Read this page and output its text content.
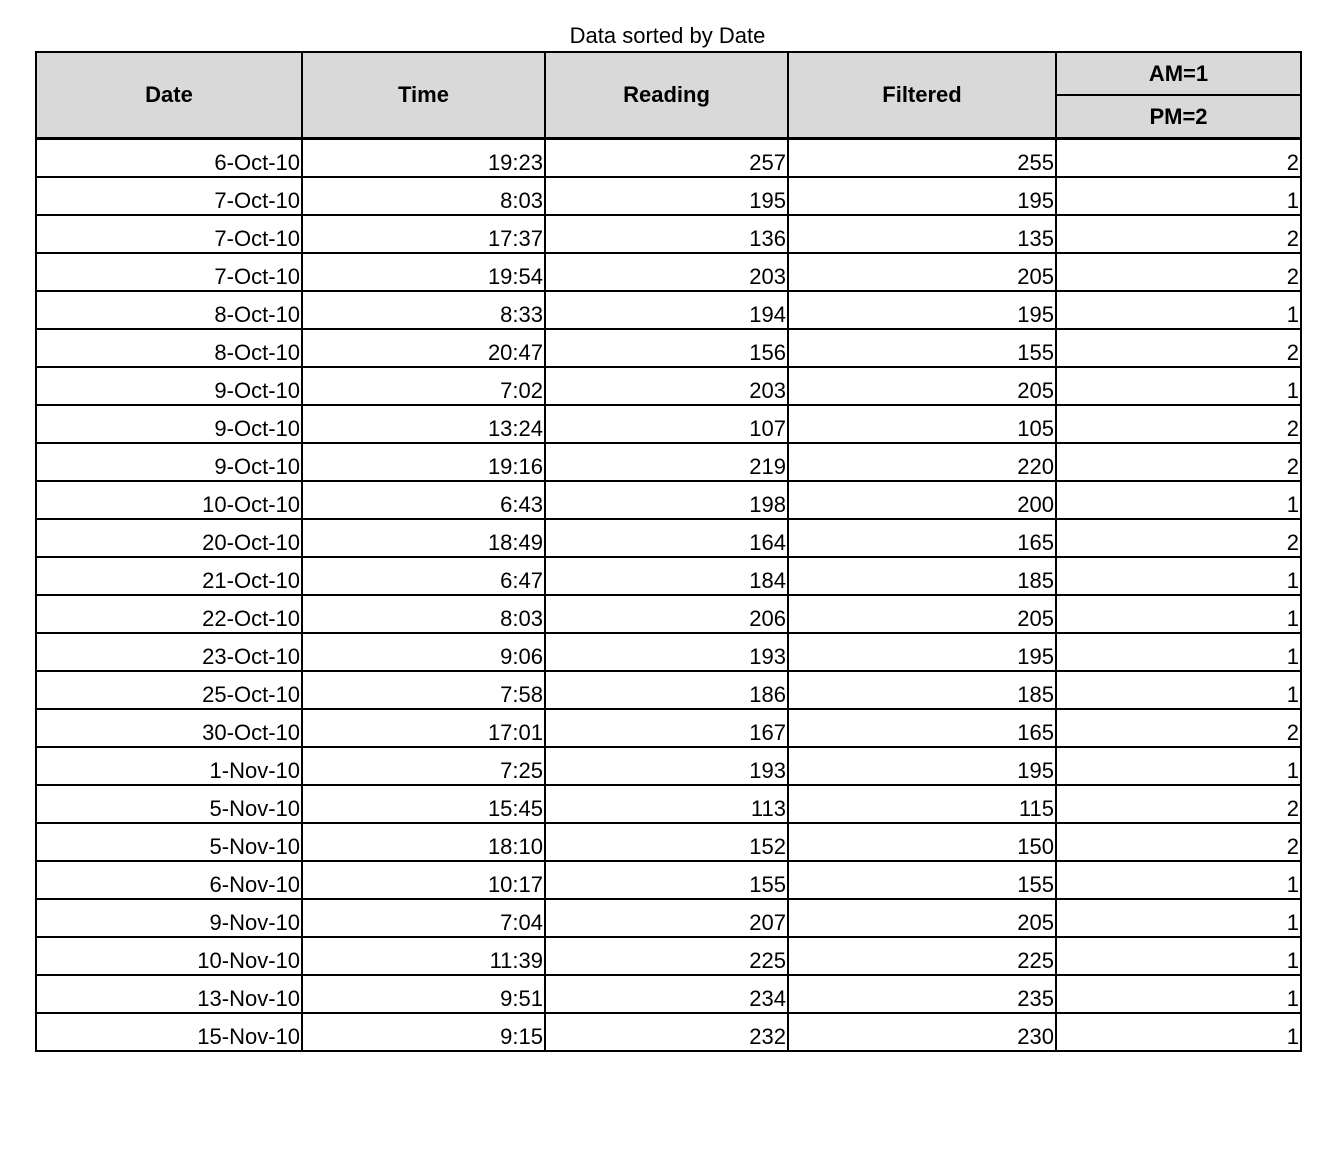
Data sorted by Date
Date	Time	Reading	Filtered	AM=1
				PM=2
6-Oct-10	19:23	257	255	2
7-Oct-10	8:03	195	195	1
7-Oct-10	17:37	136	135	2
7-Oct-10	19:54	203	205	2
8-Oct-10	8:33	194	195	1
8-Oct-10	20:47	156	155	2
9-Oct-10	7:02	203	205	1
9-Oct-10	13:24	107	105	2
9-Oct-10	19:16	219	220	2
10-Oct-10	6:43	198	200	1
20-Oct-10	18:49	164	165	2
21-Oct-10	6:47	184	185	1
22-Oct-10	8:03	206	205	1
23-Oct-10	9:06	193	195	1
25-Oct-10	7:58	186	185	1
30-Oct-10	17:01	167	165	2
1-Nov-10	7:25	193	195	1
5-Nov-10	15:45	113	115	2
5-Nov-10	18:10	152	150	2
6-Nov-10	10:17	155	155	1
9-Nov-10	7:04	207	205	1
10-Nov-10	11:39	225	225	1
13-Nov-10	9:51	234	235	1
15-Nov-10	9:15	232	230	1
